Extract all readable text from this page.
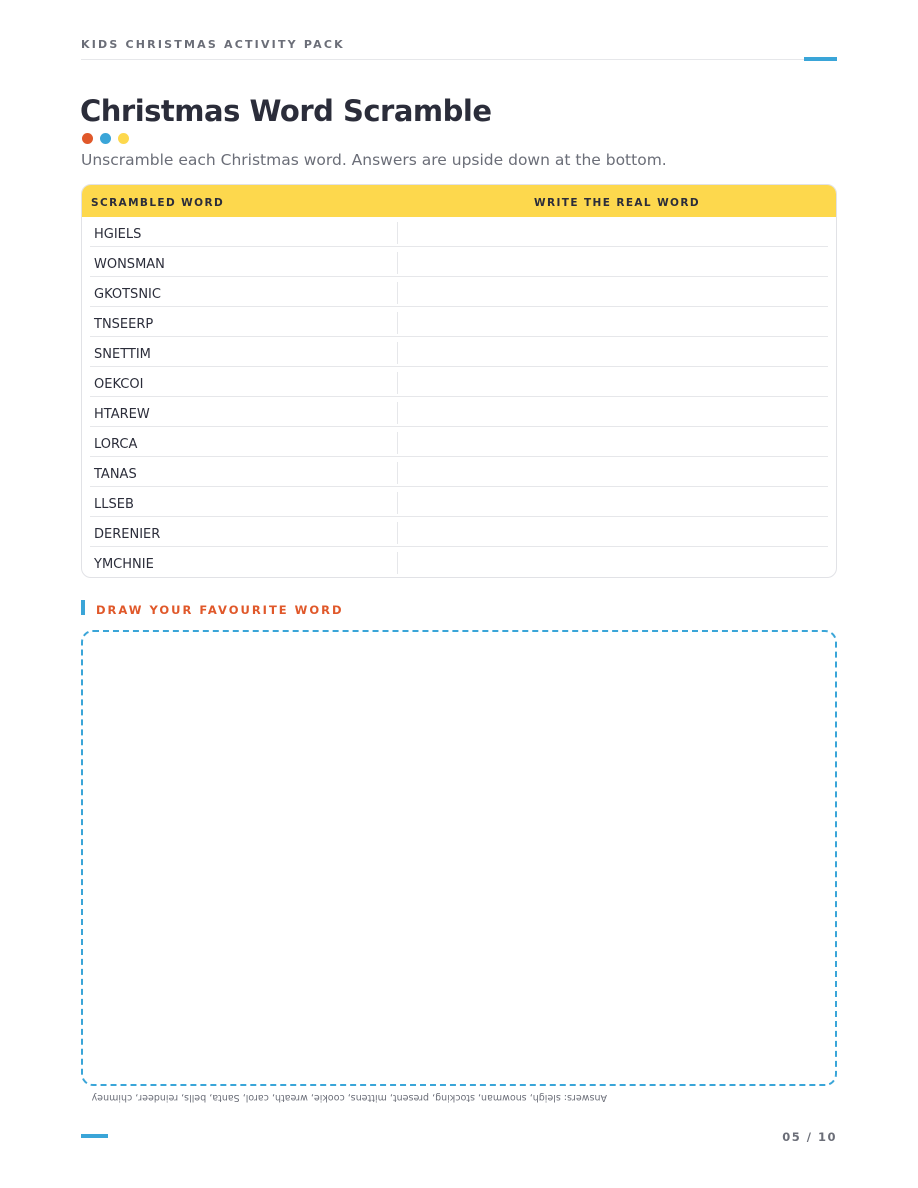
KIDS CHRISTMAS ACTIVITY PACK
Christmas Word Scramble
Unscramble each Christmas word. Answers are upside down at the bottom.
SCRAMBLED WORD	WRITE THE REAL WORD
HGIELS
WONSMAN
GKOTSNIC
TNSEERP
SNETTIM
OEKCOI
HTAREW
LORCA
TANAS
LLSEB
DERENIER
YMCHNIE
DRAW YOUR FAVOURITE WORD
Answers: sleigh, snowman, stocking, present, mittens, cookie, wreath, carol, Santa, bells, reindeer, chimney
05 / 10
